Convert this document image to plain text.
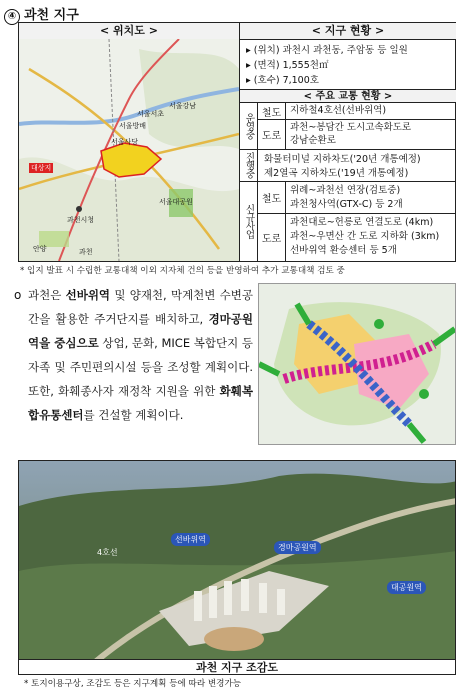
④ 과천 지구
< 위치도 >
서울강남
서울서초
서울방배
서울사당
서울대공원
과천시청
대상지
안양	과천
< 지구 현황 >
▸ (위치) 과천시 과천동, 주암동 등 일원
▸ (면적) 1,555천㎡
▸ (호수) 7,100호
< 주요 교통 현황 >
운영중
철도 지하철4호선(선바위역)
도로
과천~봉담간 도시고속화도로
강남순환로
진행중	화물터미널 지하차도('20년 개통예정)
제2열곡 지하차도('19년 개통예정)
신규사업
철도
위례~과천선 연장(검토중)
과천청사역(GTX-C) 등 2개
도로
과천대로~헌릉로 연결도로 (4km)
과천~우면산 간 도로 지하화 (3km)
선바위역 환승센터 등 5개
* 입지 발표 시 수립한 교통대책 이외 지자체 건의 등을 반영하여 추가 교통대책 검토 중
o 과천은 선바위역 및 양재천, 막계천변 수변공간을 활용한 주거단지를 배치하고, 경마공원역을 중심으로 상업, 문화, MICE 복합단지 등 자족 및 주민편의시설 등을 조성할 계획이다. 또한, 화훼종사자 재정착 지원을 위한 화훼복합유통센터를 건설할 계획이다.
선바위역
경마공원역
대공원역
4호선
과천 지구 조감도
* 토지이용구상, 조감도 등은 지구계획 등에 따라 변경가능
